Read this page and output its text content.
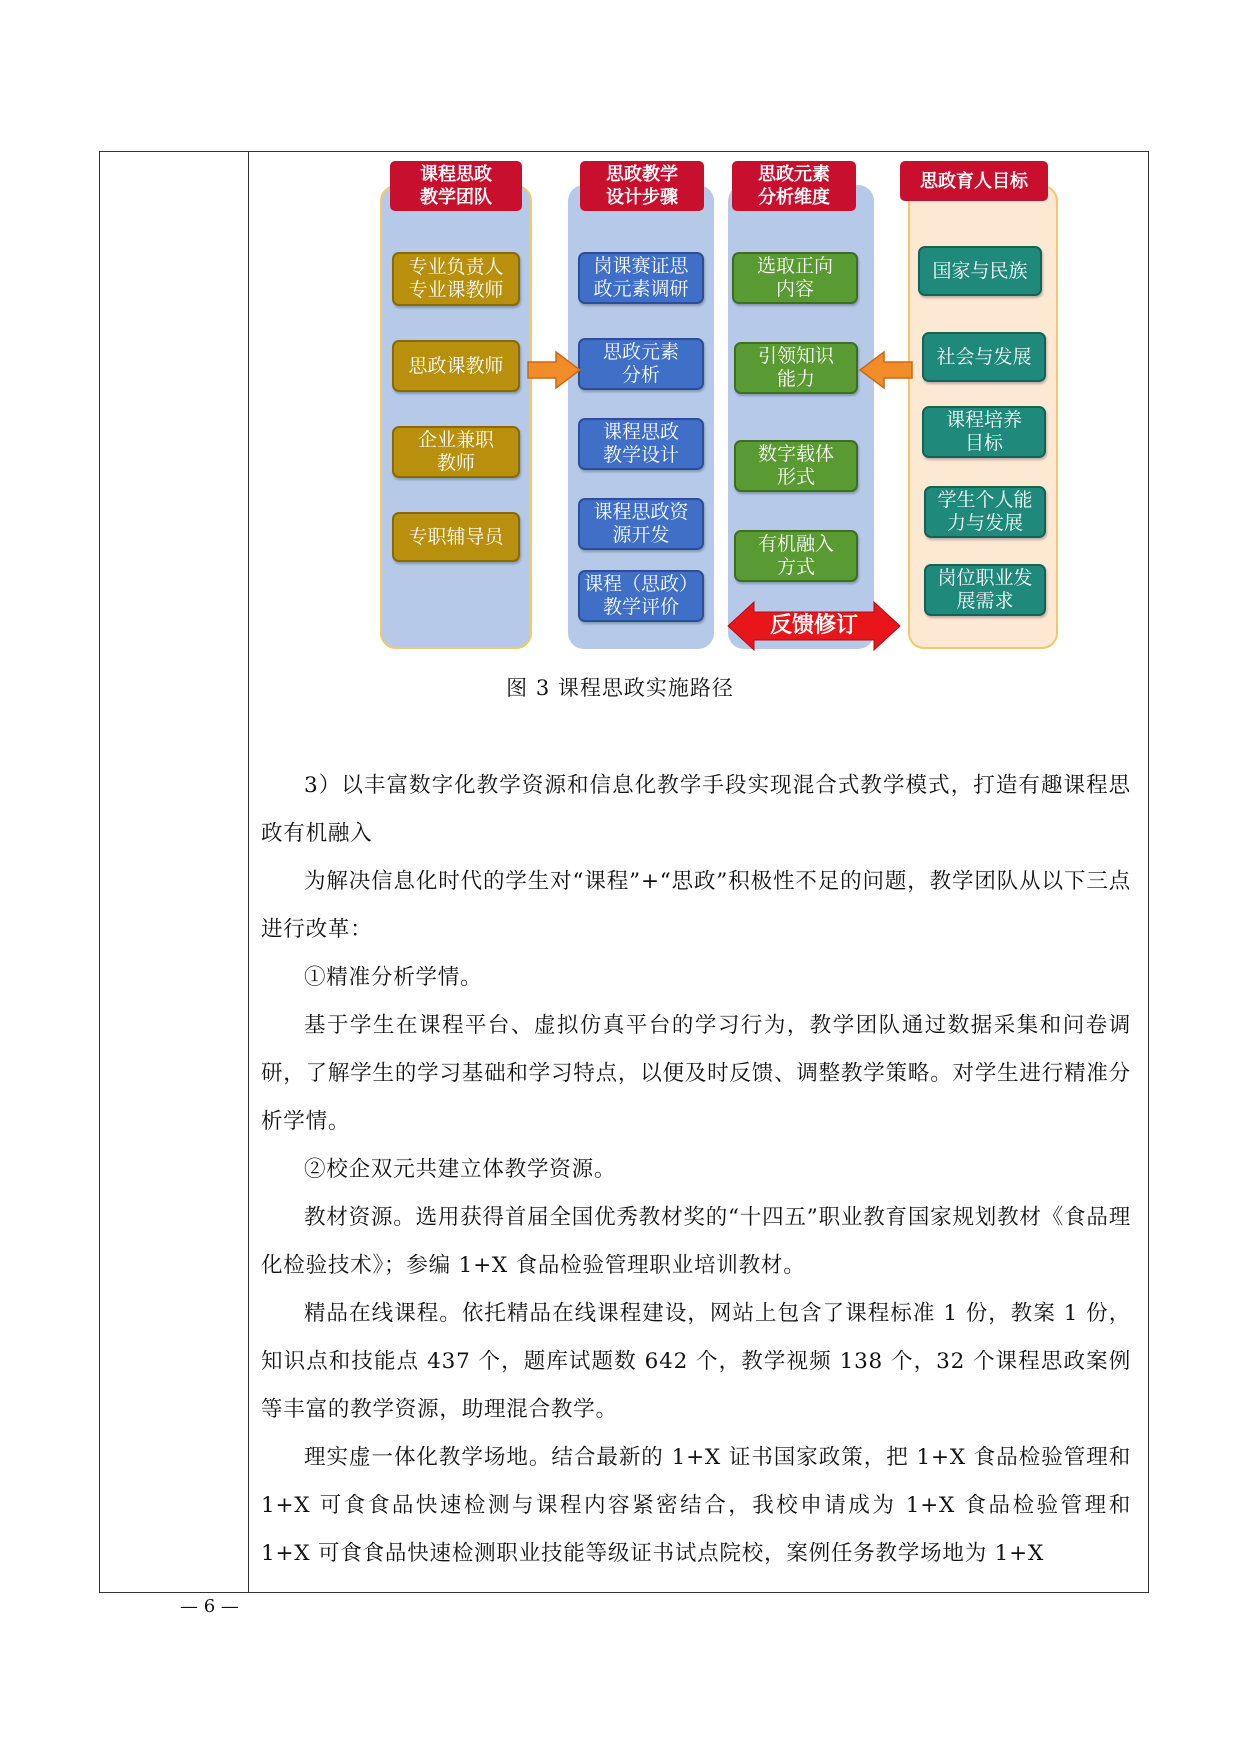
课程思政
教学团队
思政教学
设计步骤
思政元素
分析维度
思政育人目标
专业负责人
专业课教师
思政课教师
企业兼职
教师
专职辅导员
岗课赛证思
政元素调研
思政元素
分析
课程思政
教学设计
课程思政资
源开发
课程（思政）
教学评价
选取正向
内容
引领知识
能力
数字载体
形式
有机融入
方式
国家与民族
社会与发展
课程培养
目标
学生个人能
力与发展
岗位职业发
展需求
反馈修订
图 3 课程思政实施路径
3）以丰富数字化教学资源和信息化教学手段实现混合式教学模式，打造有趣课程思政有机融入
为解决信息化时代的学生对“课程”+“思政”积极性不足的问题，教学团队从以下三点进行改革：
①精准分析学情。
基于学生在课程平台、虚拟仿真平台的学习行为，教学团队通过数据采集和问卷调研，了解学生的学习基础和学习特点，以便及时反馈、调整教学策略。对学生进行精准分析学情。
②校企双元共建立体教学资源。
教材资源。选用获得首届全国优秀教材奖的“十四五”职业教育国家规划教材《食品理化检验技术》；参编 1+X 食品检验管理职业培训教材。
精品在线课程。依托精品在线课程建设，网站上包含了课程标准 1 份，教案 1 份，知识点和技能点 437 个，题库试题数 642 个，教学视频 138 个，32 个课程思政案例等丰富的教学资源，助理混合教学。
理实虚一体化教学场地。结合最新的 1+X 证书国家政策，把 1+X 食品检验管理和 1+X 可食食品快速检测与课程内容紧密结合，我校申请成为 1+X 食品检验管理和 1+X 可食食品快速检测职业技能等级证书试点院校，案例任务教学场地为 1+X
— 6 —
